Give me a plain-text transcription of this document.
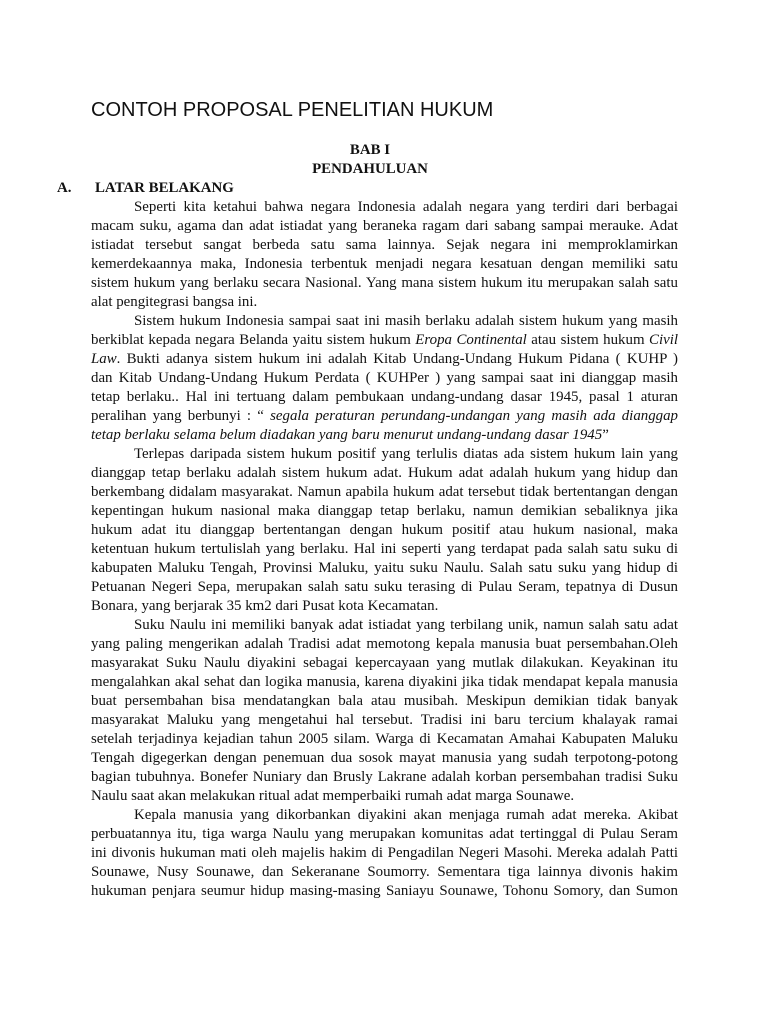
CONTOH PROPOSAL PENELITIAN HUKUM
BAB I
PENDAHULUAN
A. LATAR BELAKANG
Seperti kita ketahui bahwa negara Indonesia adalah negara yang terdiri dari berbagai
macam suku, agama dan adat istiadat yang beraneka ragam dari sabang sampai merauke. Adat
istiadat tersebut sangat berbeda satu sama lainnya. Sejak negara ini memproklamirkan
kemerdekaannya maka, Indonesia terbentuk menjadi negara kesatuan dengan memiliki satu
sistem hukum yang berlaku secara Nasional. Yang mana sistem hukum itu merupakan salah satu
alat pengitegrasi bangsa ini.
Sistem hukum Indonesia sampai saat ini masih berlaku adalah sistem hukum yang masih
berkiblat kepada negara Belanda yaitu sistem hukum Eropa Continental atau sistem hukum Civil
Law. Bukti adanya sistem hukum ini adalah Kitab Undang-Undang Hukum Pidana ( KUHP )
dan Kitab Undang-Undang Hukum Perdata ( KUHPer ) yang sampai saat ini dianggap masih
tetap berlaku.. Hal ini tertuang dalam pembukaan undang-undang dasar 1945, pasal 1 aturan
peralihan yang berbunyi : “ segala peraturan perundang-undangan yang masih ada dianggap
tetap berlaku selama belum diadakan yang baru menurut undang-undang dasar 1945”
Terlepas daripada sistem hukum positif yang terlulis diatas ada sistem hukum lain yang
dianggap tetap berlaku adalah sistem hukum adat. Hukum adat adalah hukum yang hidup dan
berkembang didalam masyarakat. Namun apabila hukum adat tersebut tidak bertentangan dengan
kepentingan hukum nasional maka dianggap tetap berlaku, namun demikian sebaliknya jika
hukum adat itu dianggap bertentangan dengan hukum positif atau hukum nasional, maka
ketentuan hukum tertulislah yang berlaku. Hal ini seperti yang terdapat pada salah satu suku di
kabupaten Maluku Tengah, Provinsi Maluku, yaitu suku Naulu. Salah satu suku yang hidup di
Petuanan Negeri Sepa, merupakan salah satu suku terasing di Pulau Seram, tepatnya di Dusun
Bonara, yang berjarak 35 km2 dari Pusat kota Kecamatan.
Suku Naulu ini memiliki banyak adat istiadat yang terbilang unik, namun salah satu adat
yang paling mengerikan adalah Tradisi adat memotong kepala manusia buat persembahan.Oleh
masyarakat Suku Naulu diyakini sebagai kepercayaan yang mutlak dilakukan. Keyakinan itu
mengalahkan akal sehat dan logika manusia, karena diyakini jika tidak mendapat kepala manusia
buat persembahan bisa mendatangkan bala atau musibah. Meskipun demikian tidak banyak
masyarakat Maluku yang mengetahui hal tersebut. Tradisi ini baru tercium khalayak ramai
setelah terjadinya kejadian tahun 2005 silam. Warga di Kecamatan Amahai Kabupaten Maluku
Tengah digegerkan dengan penemuan dua sosok mayat manusia yang sudah terpotong-potong
bagian tubuhnya. Bonefer Nuniary dan Brusly Lakrane adalah korban persembahan tradisi Suku
Naulu saat akan melakukan ritual adat memperbaiki rumah adat marga Sounawe.
Kepala manusia yang dikorbankan diyakini akan menjaga rumah adat mereka. Akibat
perbuatannya itu, tiga warga Naulu yang merupakan komunitas adat tertinggal di Pulau Seram
ini divonis hukuman mati oleh majelis hakim di Pengadilan Negeri Masohi. Mereka adalah Patti
Sounawe, Nusy Sounawe, dan Sekeranane Soumorry. Sementara tiga lainnya divonis hakim
hukuman penjara seumur hidup masing-masing Saniayu Sounawe, Tohonu Somory, dan Sumon
